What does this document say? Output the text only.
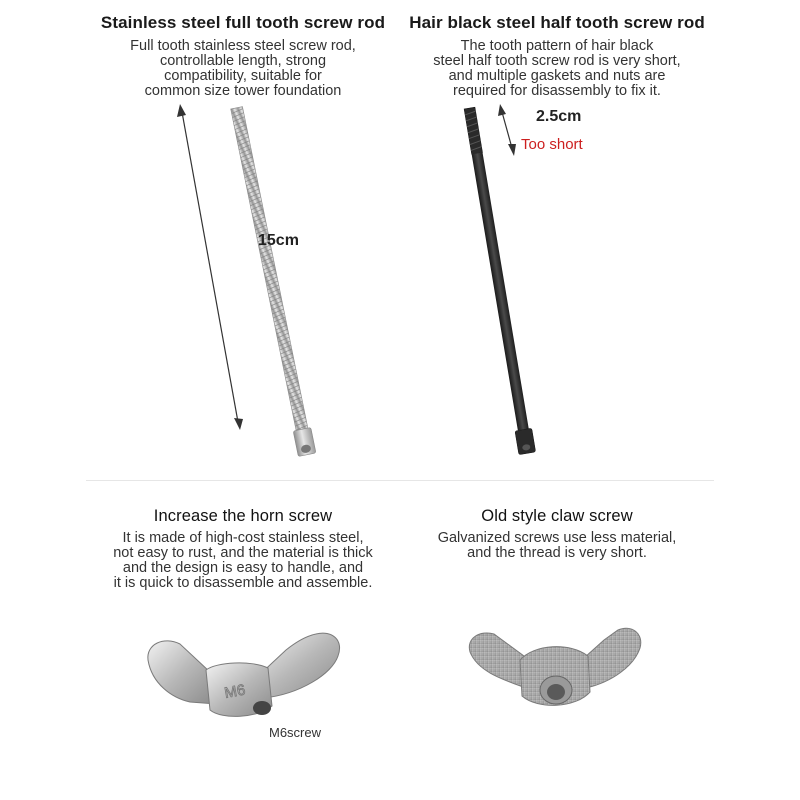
Stainless steel full tooth screw rod
Full tooth stainless steel screw rod,
controllable length, strong
compatibility, suitable for
common size tower foundation
15cm
Hair black steel half tooth screw rod
The tooth pattern of hair black
steel half tooth screw rod is very short,
and multiple gaskets and nuts are
required for disassembly to fix it.
2.5cm
Too short
Increase the horn screw
It is made of high-cost stainless steel,
not easy to rust, and the material is thick
and the design is easy to handle, and
it is quick to disassemble and assemble.
M6
M6screw
Old style claw screw
Galvanized screws use less material,
and the thread is very short.
